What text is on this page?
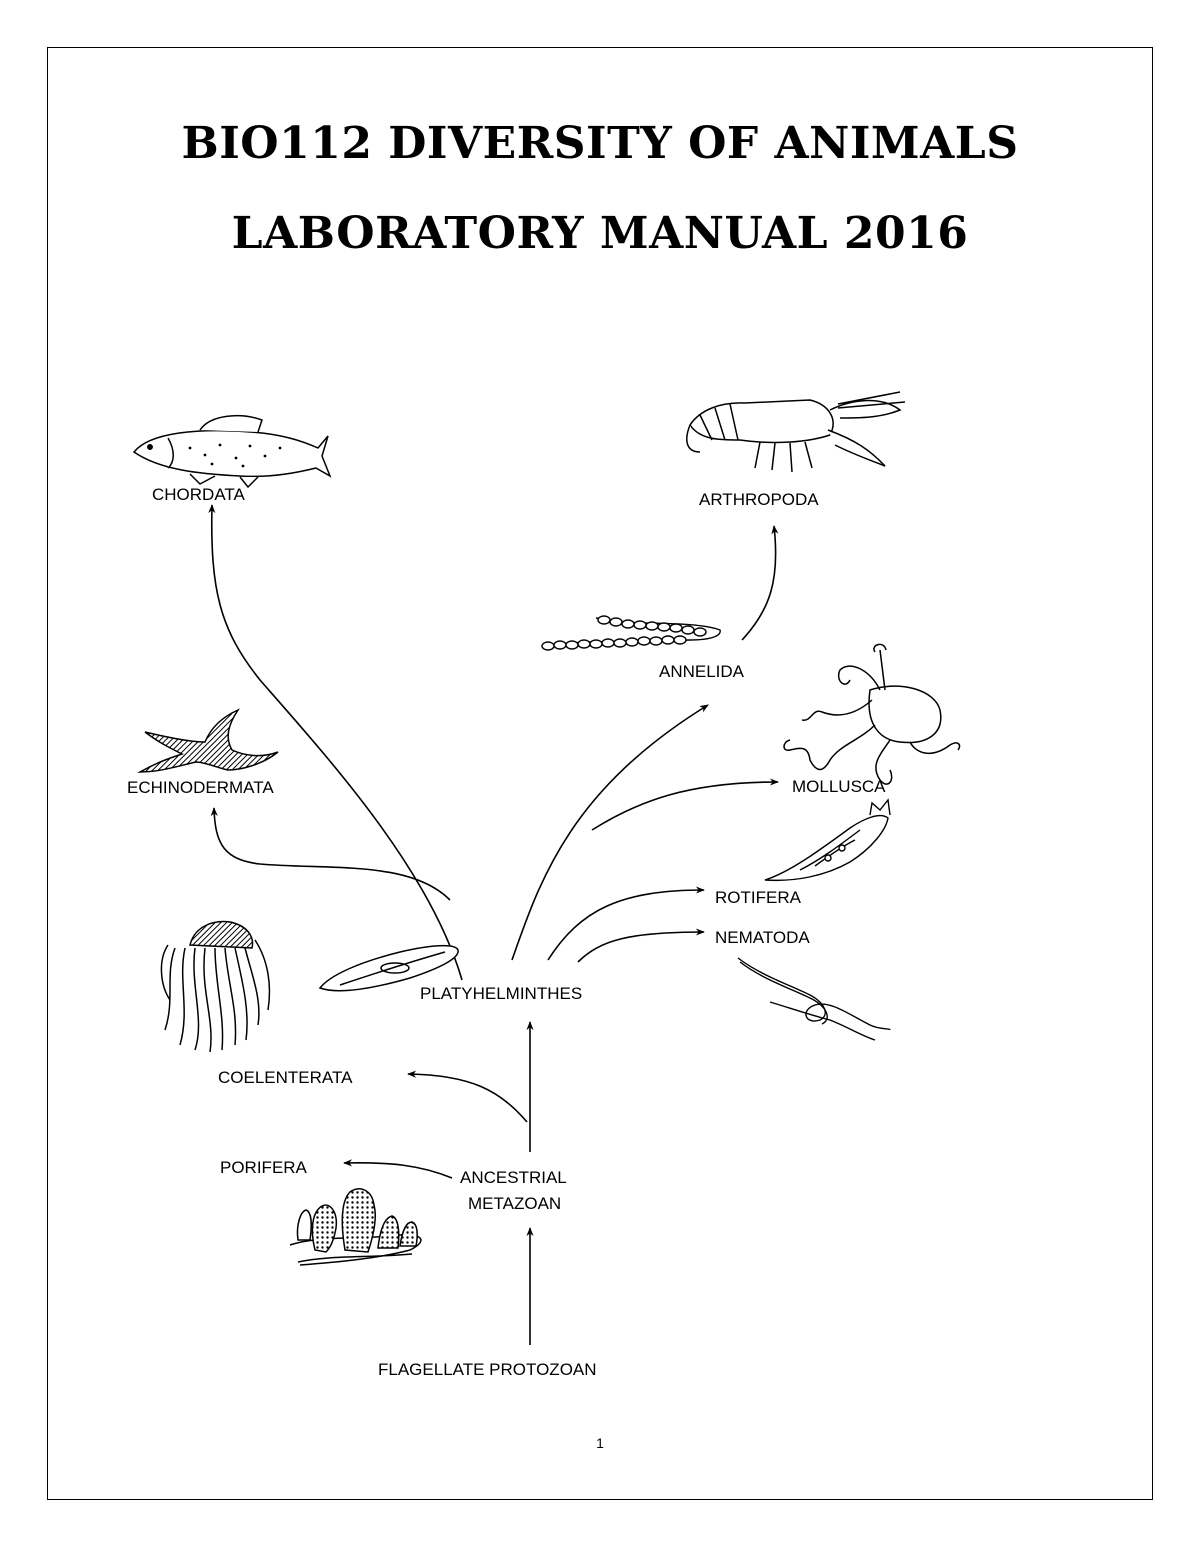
BIO112 DIVERSITY OF ANIMALS
LABORATORY MANUAL 2016
CHORDATA	ARTHROPODA
ANNELIDA
MOLLUSCA
ECHINODERMATA
ROTIFERA
NEMATODA
PLATYHELMINTHES
COELENTERATA
PORIFERA
ANCESTRIAL
METAZOAN
FLAGELLATE PROTOZOAN
1
